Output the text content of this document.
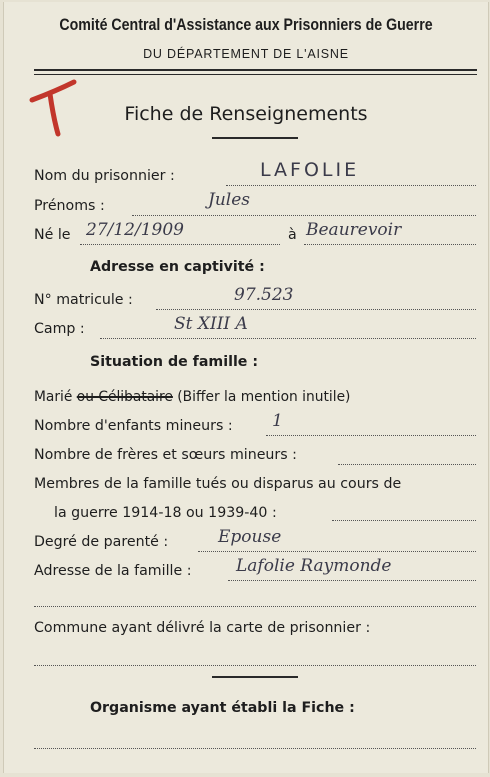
Comité Central d'Assistance aux Prisonniers de Guerre
DU DÉPARTEMENT DE L'AISNE
Fiche de Renseignements
Nom du prisonnier :	LAFOLIE
Prénoms :	Jules
Né le 27/12/1909	à Beaurevoir
Adresse en captivité :
N° matricule :	97.523
Camp :	St XIII A
Situation de famille :
Marié ou Célibataire (Biffer la mention inutile)
Nombre d'enfants mineurs : 1
Nombre de frères et sœurs mineurs :
Membres de la famille tués ou disparus au cours de
la guerre 1914-18 ou 1939-40 :
Degré de parenté :	Epouse
Adresse de la famille :	Lafolie Raymonde
Commune ayant délivré la carte de prisonnier :
Organisme ayant établi la Fiche :
